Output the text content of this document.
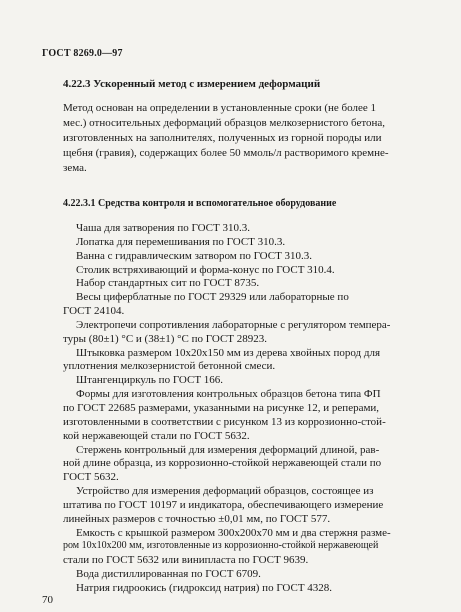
ГОСТ 8269.0—97
4.22.3 Ускоренный метод с измерением деформаций
Метод основан на определении в установленные сроки (не более 1
мес.) относительных деформаций образцов мелкозернистого бетона,
изготовленных на заполнителях, полученных из горной породы или
щебня (гравия), содержащих более 50 ммоль/л растворимого кремне-
зема.
4.22.3.1 Средства контроля и вспомогательное оборудование
Чаша для затворения по ГОСТ 310.3.
Лопатка для перемешивания по ГОСТ 310.3.
Ванна с гидравлическим затвором по ГОСТ 310.3.
Столик встряхивающий и форма-конус по ГОСТ 310.4.
Набор стандартных сит по ГОСТ 8735.
Весы циферблатные по ГОСТ 29329 или лабораторные по
ГОСТ 24104.
Электропечи сопротивления лабораторные с регулятором темпера-
туры (80±1) °С и (38±1) °С по ГОСТ 28923.
Штыковка размером 10х20х150 мм из дерева хвойных пород для
уплотнения мелкозернистой бетонной смеси.
Штангенциркуль по ГОСТ 166.
Формы для изготовления контрольных образцов бетона типа ФП
по ГОСТ 22685 размерами, указанными на рисунке 12, и реперами,
изготовленными в соответствии с рисунком 13 из коррозионно-стой-
кой нержавеющей стали по ГОСТ 5632.
Стержень контрольный для измерения деформаций длиной, рав-
ной длине образца, из коррозионно-стойкой нержавеющей стали по
ГОСТ 5632.
Устройство для измерения деформаций образцов, состоящее из
штатива по ГОСТ 10197 и индикатора, обеспечивающего измерение
линейных размеров с точностью ±0,01 мм, по ГОСТ 577.
Емкость с крышкой размером 300х200х70 мм и два стержня разме-
ром 10х10х200 мм, изготовленные из коррозионно-стойкой нержавеющей
стали по ГОСТ 5632 или винипласта по ГОСТ 9639.
Вода дистиллированная по ГОСТ 6709.
Натрия гидроокись (гидроксид натрия) по ГОСТ 4328.
70
